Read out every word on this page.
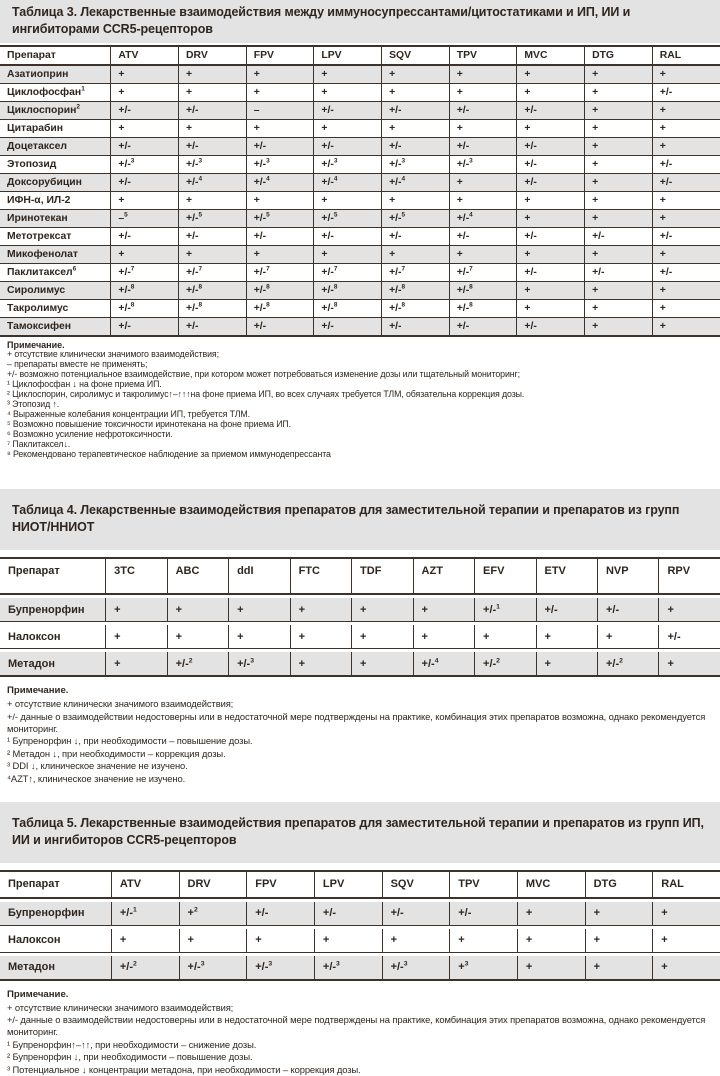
Таблица 3. Лекарственные взаимодействия между иммуносупрессантами/цитостатиками и ИП, ИИ и ингибиторами CCR5-рецепторов
Препарат	ATV	DRV	FPV	LPV	SQV	TPV	MVC	DTG	RAL
Азатиоприн	+	+	+	+	+	+	+	+	+
Циклофосфан$^1$	+	+	+	+	+	+	+	+	+/-
Циклоспорин$^2$	+/-	+/-	–	+/-	+/-	+/-	+/-	+	+
Цитарабин	+	+	+	+	+	+	+	+	+
Доцетаксел	+/-	+/-	+/-	+/-	+/-	+/-	+/-	+	+
Этопозид	+/-$^3$	+/-$^3$	+/-$^3$	+/-$^3$	+/-$^3$	+/-$^3$	+/-	+	+/-
Доксорубицин	+/-	+/-$^4$	+/-$^4$	+/-$^4$	+/-$^4$	+	+/-	+	+/-
ИФН-α, ИЛ-2	+	+	+	+	+	+	+	+	+
Иринотекан	–$^5$	+/-$^5$	+/-$^5$	+/-$^5$	+/-$^5$	+/-$^4$	+	+	+
Метотрексат	+/-	+/-	+/-	+/-	+/-	+/-	+/-	+/-	+/-
Микофенолат	+	+	+	+	+	+	+	+	+
Паклитаксел$^6$	+/-$^7$	+/-$^7$	+/-$^7$	+/-$^7$	+/-$^7$	+/-$^7$	+/-	+/-	+/-
Сиролимус	+/-$^8$	+/-$^8$	+/-$^8$	+/-$^8$	+/-$^8$	+/-$^8$	+	+	+
Такролимус	+/-$^8$	+/-$^8$	+/-$^8$	+/-$^8$	+/-$^8$	+/-$^8$	+	+	+
Тамоксифен	+/-	+/-	+/-	+/-	+/-	+/-	+/-	+	+
Примечание.
+ отсутствие клинически значимого взаимодействия;
– препараты вместе не применять;
+/- возможно потенциальное взаимодействие, при котором может потребоваться изменение дозы или тщательный мониторинг;
¹ Циклофосфан ↓ на фоне приема ИП.
² Циклоспорин, сиролимус и такролимус↑–↑↑↑на фоне приема ИП, во всех случаях требуется ТЛМ, обязательна коррекция дозы.
³ Этопозид ↑.
⁴ Выраженные колебания концентрации ИП, требуется ТЛМ.
⁵ Возможно повышение токсичности иринотекана на фоне приема ИП.
⁶ Возможно усиление нефротоксичности.
⁷ Паклитаксел↓.
⁸ Рекомендовано терапевтическое наблюдение за приемом иммунодепрессанта
Таблица 4. Лекарственные взаимодействия препаратов для заместительной терапии и препаратов из групп НИОТ/ННИОТ
Препарат	3TC	ABC	ddI	FTC	TDF	AZT	EFV	ETV	NVP	RPV
Бупренорфин	+	+	+	+	+	+	+/-$^1$	+/-	+/-	+
Налоксон	+	+	+	+	+	+	+	+	+	+/-
Метадон	+	+/-$^2$	+/-$^3$	+	+	+/-$^4$	+/-$^2$	+	+/-$^2$	+
Примечание.
+ отсутствие клинически значимого взаимодействия;
+/- данные о взаимодействии недостоверны или в недостаточной мере подтверждены на практике, комбинация этих препаратов возможна, однако рекомендуется мониторинг.
¹ Бупренорфин ↓, при необходимости – повышение дозы.
² Метадон ↓, при необходимости – коррекция дозы.
³ DDI ↓, клиническое значение не изучено.
⁴AZT↑, клиническое значение не изучено.
Таблица 5. Лекарственные взаимодействия препаратов для заместительной терапии и препаратов из групп ИП, ИИ и ингибиторов CCR5-рецепторов
Препарат	ATV	DRV	FPV	LPV	SQV	TPV	MVC	DTG	RAL
Бупренорфин	+/-$^1$	+$^2$	+/-	+/-	+/-	+/-	+	+	+
Налоксон	+	+	+	+	+	+	+	+	+
Метадон	+/-$^2$	+/-$^3$	+/-$^3$	+/-$^3$	+/-$^3$	+$^3$	+	+	+
Примечание.
+ отсутствие клинически значимого взаимодействия;
+/- данные о взаимодействии недостоверны или в недостаточной мере подтверждены на практике, комбинация этих препаратов возможна, однако рекомендуется мониторинг.
¹ Бупренорфин↑–↑↑, при необходимости – снижение дозы.
² Бупренорфин ↓, при необходимости – повышение дозы.
³ Потенциальное ↓ концентрации метадона, при необходимости – коррекция дозы.
